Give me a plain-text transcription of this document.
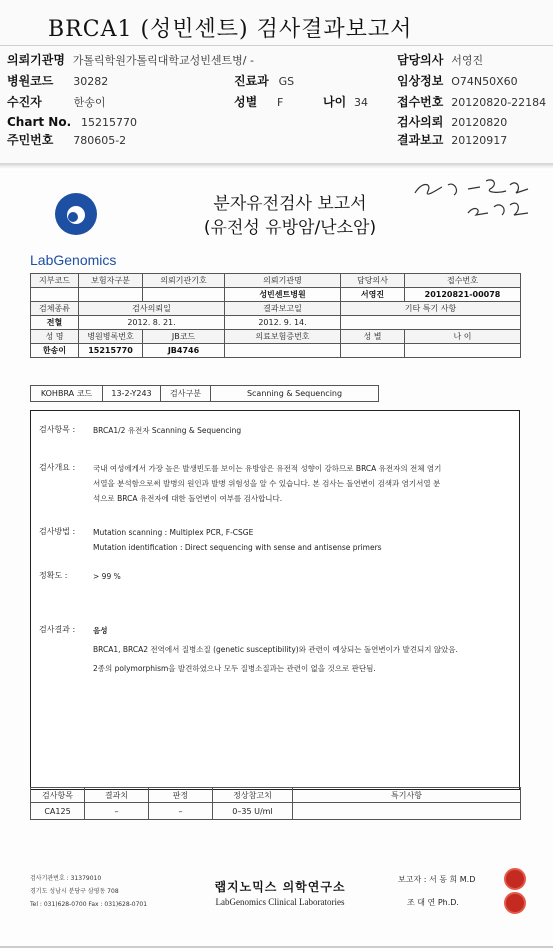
BRCA1 (성빈센트) 검사결과보고서
의뢰기관명 가톨릭학원가톨릭대학교성빈센트병/ -	담당의사 서영진
병원코드 30282	진료과 GS	임상정보 O74N50X60
수진자	한송이	성별 F	나이 34 접수번호 20120820-22184
Chart No. 15215770	검사의뢰 20120820
주민번호 780605-2	결과보고 20120917
LabGenomics
분자유전검사 보고서
(유전성 유방암/난소암)	22184
지부코드	보험자구분	의뢰기관기호	의뢰기관명	담당의사	접수번호
			성빈센트병원	서영진	20120821-00078
검체종류	검사의뢰일		결과보고일	기타 특기 사항	
전혈	2012. 8. 21.		2012. 9. 14.		
성 명	병원병록번호	JB코드	의료보험증번호	성 별	나 이
한송이	15215770	JB4746			
KOHBRA 코드	13-2-Y243	검사구분	Scanning & Sequencing
검사항목 : BRCA1/2 유전자 Scanning & Sequencing
검사개요 : 국내 여성에게서 가장 높은 발생빈도를 보이는 유방암은 유전적 성향이 강하므로 BRCA 유전자의 전체 염기
서열을 분석함으로써 발병의 원인과 발병 위험성을 알 수 있습니다. 본 검사는 돌연변이 검색과 염기서열 분
석으로 BRCA 유전자에 대한 돌연변이 여부를 검사합니다.
검사방법 : Mutation scanning : Multiplex PCR, F-CSGE
Mutation identification : Direct sequencing with sense and antisense primers
정확도 :	> 99 %
검사결과 : 음성
BRCA1, BRCA2 전역에서 질병소질 (genetic susceptibility)와 관련이 예상되는 돌연변이가 발견되지 않았음.
2종의 polymorphism을 발견하였으나 모두 질병소질과는 관련이 없을 것으로 판단됨.
검사항목	결과치	판정	정상참고치	특기사항
CA125	–	–	0–35 U/ml	
검사기관번호 : 31379010
경기도 성남시 분당구 삼평동 708
Tel : 031)628-0700 Fax : 031)628-0701
랩지노믹스 의학연구소
LabGenomics Clinical Laboratories
보고자 : 서 동 희 M.D
조 대 연 Ph.D.
